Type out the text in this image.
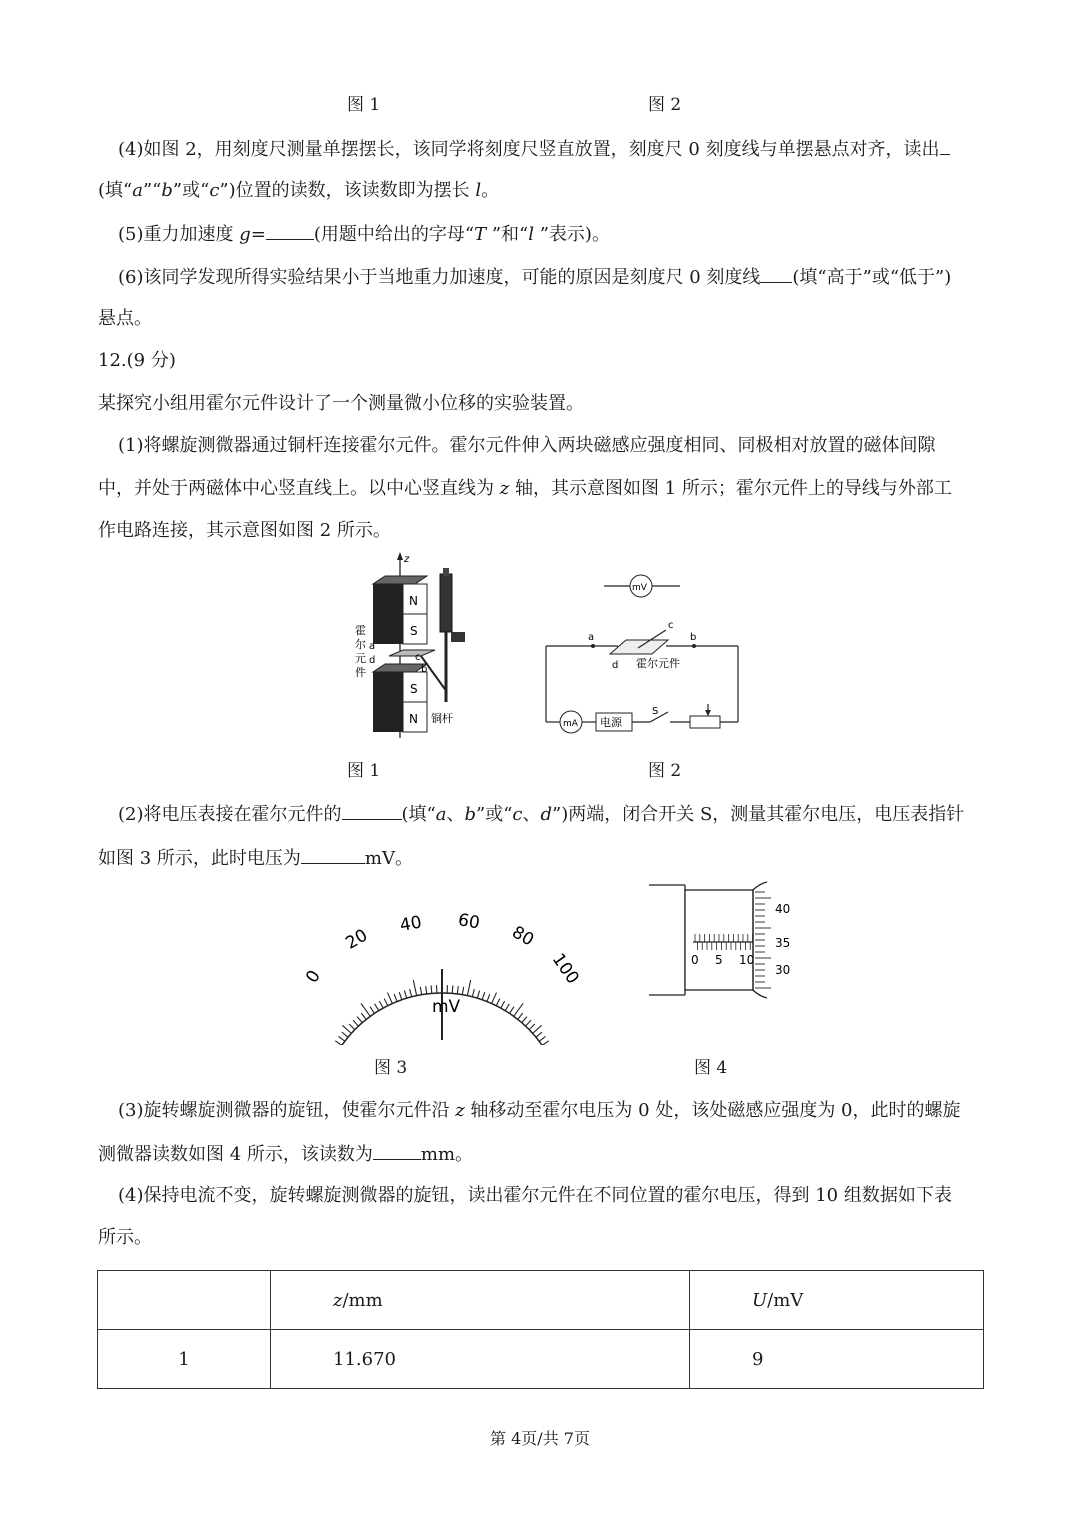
图 1	图 2
(4)如图 2，用刻度尺测量单摆摆长，该同学将刻度尺竖直放置，刻度尺 0 刻度线与单摆悬点对齐，读出
(填“a”“b”或“c”)位置的读数，该读数即为摆长 l。
(5)重力加速度 g=	(用题中给出的字母“T ”和“l ”表示)。
(6)该同学发现所得实验结果小于当地重力加速度，可能的原因是刻度尺 0 刻度线 (填“高于”或“低于”)
悬点。
12.(9 分)
某探究小组用霍尔元件设计了一个测量微小位移的实验装置。
(1)将螺旋测微器通过铜杆连接霍尔元件。霍尔元件伸入两块磁感应强度相同、同极相对放置的磁体间隙
中，并处于两磁体中心竖直线上。以中心竖直线为 z 轴，其示意图如图 1 所示；霍尔元件上的导线与外部工
作电路连接，其示意图如图 2 所示。
z
N
S
S
N
霍
尔
元
件
a
d	c
b
铜杆
mV
a	b
c
d 霍尔元件
mA 电源
S
图 1	图 2
(2)将电压表接在霍尔元件的	(填“a、b”或“c、d”)两端，闭合开关 S，测量其霍尔电压，电压表指针
如图 3 所示，此时电压为	mV。
0
20
40 60
80
100
mV
0 5 10
40
35
30
图 3	图 4
(3)旋转螺旋测微器的旋钮，使霍尔元件沿 z 轴移动至霍尔电压为 0 处，该处磁感应强度为 0，此时的螺旋
测微器读数如图 4 所示，该读数为	mm。
(4)保持电流不变，旋转螺旋测微器的旋钮，读出霍尔元件在不同位置的霍尔电压，得到 10 组数据如下表
所示。
	z/mm	U/mV
1	11.670	9
第 4页/共 7页
